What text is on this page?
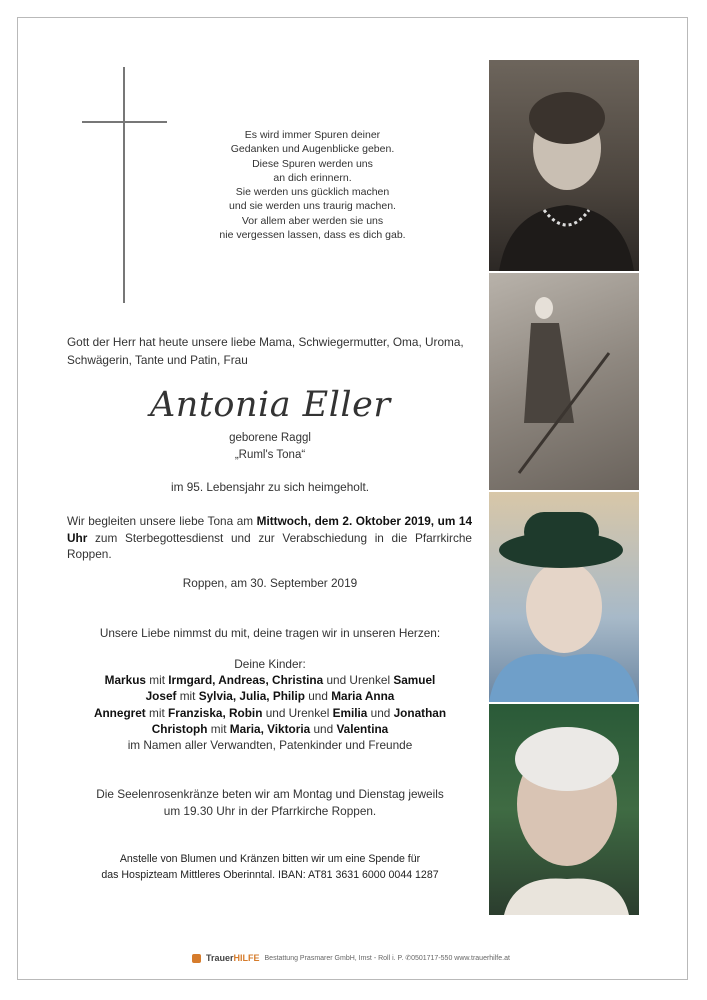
Es wird immer Spuren deiner
Gedanken und Augenblicke geben.
Diese Spuren werden uns
an dich erinnern.
Sie werden uns gücklich machen
und sie werden uns traurig machen.
Vor allem aber werden sie uns
nie vergessen lassen, dass es dich gab.
Gott der Herr hat heute unsere liebe Mama, Schwiegermutter, Oma, Uroma, Schwägerin, Tante und Patin, Frau
Antonia Eller
geborene Raggl
„Ruml's Tona“
im 95. Lebensjahr zu sich heimgeholt.
Wir begleiten unsere liebe Tona am Mittwoch, dem 2. Oktober 2019, um 14 Uhr zum Sterbegottesdienst und zur Verabschiedung in die Pfarrkirche Roppen.
Roppen, am 30. September 2019
Unsere Liebe nimmst du mit, deine tragen wir in unseren Herzen:
Deine Kinder:
Markus mit Irmgard, Andreas, Christina und Urenkel Samuel
Josef mit Sylvia, Julia, Philip und Maria Anna
Annegret mit Franziska, Robin und Urenkel Emilia und Jonathan
Christoph mit Maria, Viktoria und Valentina
im Namen aller Verwandten, Patenkinder und Freunde
Die Seelenrosenkränze beten wir am Montag und Dienstag jeweils
um 19.30 Uhr in der Pfarrkirche Roppen.
Anstelle von Blumen und Kränzen bitten wir um eine Spende für
das Hospizteam Mittleres Oberinntal. IBAN: AT81 3631 6000 0044 1287
TrauerHILFE Bestattung Prasmarer GmbH, Imst - Roll i. P. ✆0501717-550 www.trauerhilfe.at
